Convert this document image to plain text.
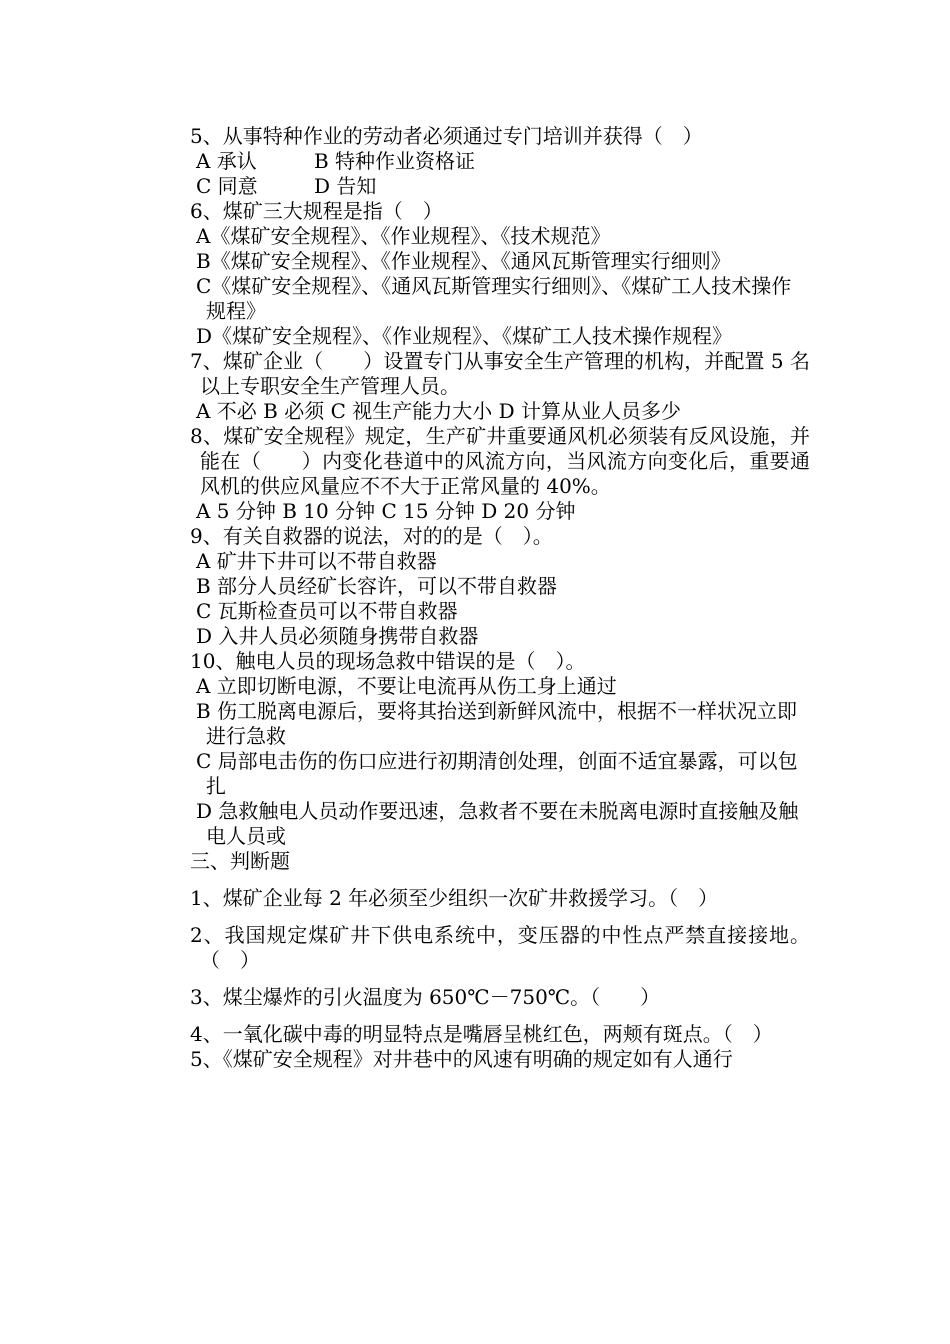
5、从事特种作业的劳动者必须通过专门培训并获得（　）
A 承认	B 特种作业资格证
C 同意	D 告知
6、煤矿三大规程是指（　）
A《煤矿安全规程》、《作业规程》、《技术规范》
B《煤矿安全规程》、《作业规程》、《通风瓦斯管理实行细则》
C《煤矿安全规程》、《通风瓦斯管理实行细则》、《煤矿工人技术操作规程》
D《煤矿安全规程》、《作业规程》、《煤矿工人技术操作规程》
7、煤矿企业（　　）设置专门从事安全生产管理的机构，并配置 5 名以上专职安全生产管理人员。
A 不必 B 必须 C 视生产能力大小 D 计算从业人员多少
8、煤矿安全规程》规定，生产矿井重要通风机必须装有反风设施，并能在（　　）内变化巷道中的风流方向，当风流方向变化后，重要通风机的供应风量应不不大于正常风量的 40%。
A 5 分钟 B 10 分钟 C 15 分钟 D 20 分钟
9、有关自救器的说法，对的的是（　）。
A 矿井下井可以不带自救器
B 部分人员经矿长容许，可以不带自救器
C 瓦斯检查员可以不带自救器
D 入井人员必须随身携带自救器
10、触电人员的现场急救中错误的是（　）。
A 立即切断电源，不要让电流再从伤工身上通过
B 伤工脱离电源后，要将其抬送到新鲜风流中，根据不一样状况立即进行急救
C 局部电击伤的伤口应进行初期清创处理，创面不适宜暴露，可以包扎
D 急救触电人员动作要迅速，急救者不要在未脱离电源时直接触及触电人员或
三、判断题
1、煤矿企业每 2 年必须至少组织一次矿井救援学习。（　）
2、我国规定煤矿井下供电系统中，变压器的中性点严禁直接接地。（　）
3、煤尘爆炸的引火温度为 650℃－750℃。（　　）
4、一氧化碳中毒的明显特点是嘴唇呈桃红色，两颊有斑点。（　）
5、《煤矿安全规程》对井巷中的风速有明确的规定如有人通行
